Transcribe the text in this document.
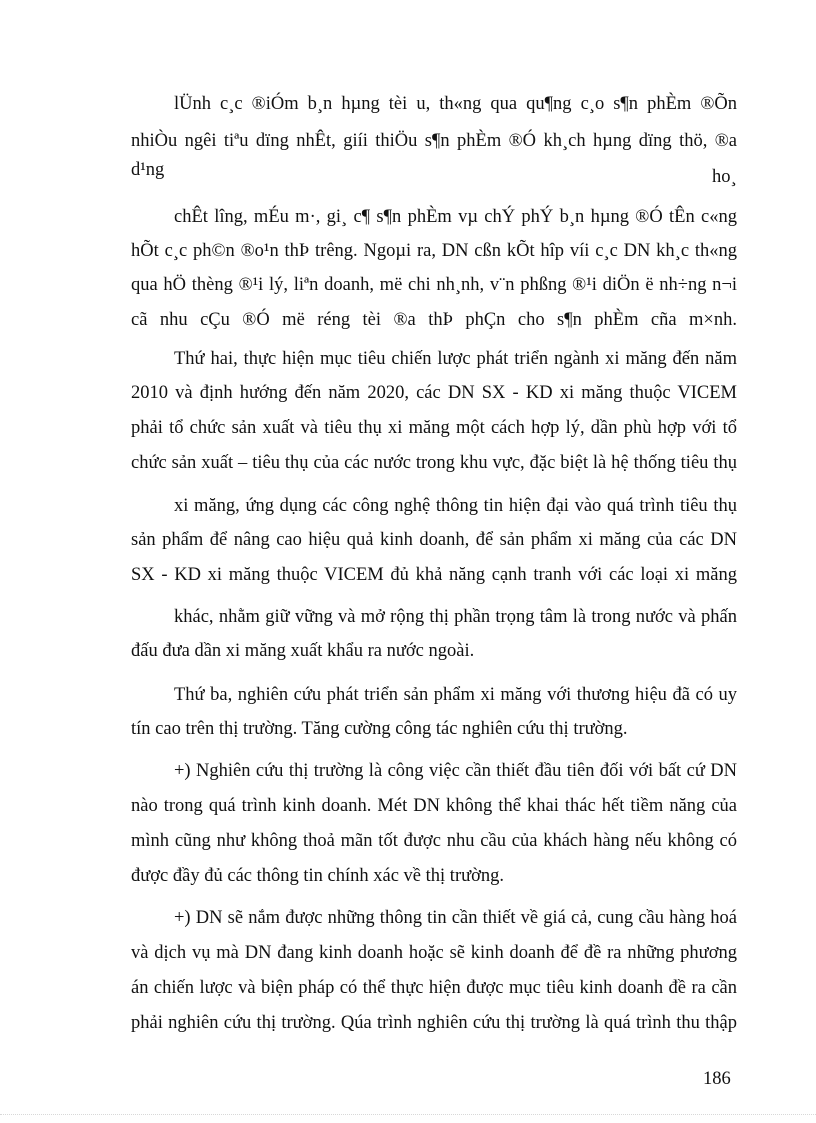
lÜnh c¸c ®iÓm b¸n hµng tèi u, th«ng qua qu¶ng c¸o s¶n phÈm ®Õn
nhiÒu ngêi tiªu dïng nhÊt, giíi thiÖu s¶n phÈm ®Ó kh¸ch hµng dïng thö, ®a
d¹ng	ho¸
chÊt lîng, mÉu m·, gi¸ c¶ s¶n phÈm vµ chÝ phÝ b¸n hµng ®Ó tÊn c«ng
hÕt c¸c ph©n ®o¹n thÞ trêng. Ngoµi ra, DN cßn kÕt hîp víi c¸c DN kh¸c th«ng
qua hÖ thèng ®¹i lý, liªn doanh, më chi nh¸nh, v¨n phßng ®¹i diÖn ë nh÷ng n¬i
cã nhu cÇu ®Ó më réng tèi ®a thÞ phÇn cho s¶n phÈm cña m×nh.
Thứ hai, thực hiện mục tiêu chiến lược phát triển ngành xi măng đến năm
2010 và định hướng đến năm 2020, các DN SX - KD xi măng thuộc VICEM
phải tổ chức sản xuất và tiêu thụ xi măng một cách hợp lý, dần phù hợp với tổ
chức sản xuất – tiêu thụ của các nước trong khu vực, đặc biệt là hệ thống tiêu thụ
xi măng, ứng dụng các công nghệ thông tin hiện đại vào quá trình tiêu thụ
sản phẩm để nâng cao hiệu quả kinh doanh, để sản phẩm xi măng của các DN
SX - KD xi măng thuộc VICEM đủ khả năng cạnh tranh với các loại xi măng
khác, nhằm giữ vững và mở rộng thị phần trọng tâm là trong nước và phấn
đấu đưa dần xi măng xuất khẩu ra nước ngoài.
Thứ ba, nghiên cứu phát triển sản phẩm xi măng với thương hiệu đã có uy
tín cao trên thị trường. Tăng cường công tác nghiên cứu thị trường.
+) Nghiên cứu thị trường là công việc cần thiết đầu tiên đối với bất cứ DN
nào trong quá trình kinh doanh. Mét DN không thể khai thác hết tiềm năng của
mình cũng như không thoả mãn tốt được nhu cầu của khách hàng nếu không có
được đầy đủ các thông tin chính xác về thị trường.
+) DN sẽ nắm được những thông tin cần thiết về giá cả, cung cầu hàng hoá
và dịch vụ mà DN đang kinh doanh hoặc sẽ kinh doanh để đề ra những phương
án chiến lược và biện pháp có thể thực hiện được mục tiêu kinh doanh đề ra cần
phải nghiên cứu thị trường. Qúa trình nghiên cứu thị trường là quá trình thu thập
186
